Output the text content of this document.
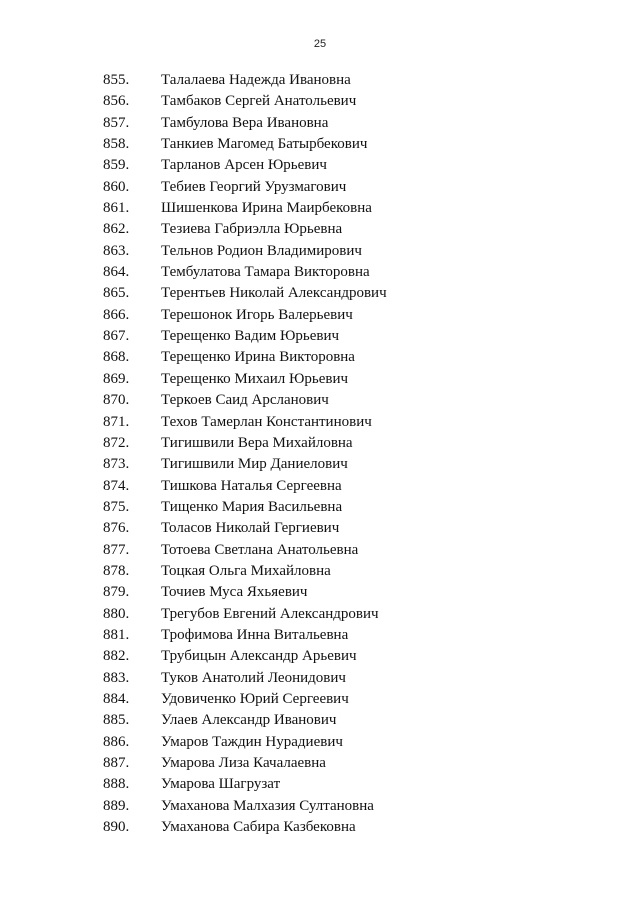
25
855.	Талалаева Надежда Ивановна
856.	Тамбаков Сергей Анатольевич
857.	Тамбулова Вера Ивановна
858.	Танкиев Магомед Батырбекович
859.	Тарланов Арсен Юрьевич
860.	Тебиев Георгий Урузмагович
861.	Шишенкова Ирина Маирбековна
862.	Тезиева Габриэлла Юрьевна
863.	Тельнов Родион Владимирович
864.	Тембулатова Тамара Викторовна
865.	Терентьев Николай Александрович
866.	Терешонок Игорь Валерьевич
867.	Терещенко Вадим Юрьевич
868.	Терещенко Ирина Викторовна
869.	Терещенко Михаил Юрьевич
870.	Теркоев Саид Арсланович
871.	Техов Тамерлан Константинович
872.	Тигишвили Вера Михайловна
873.	Тигишвили Мир Даниелович
874.	Тишкова Наталья Сергеевна
875.	Тищенко Мария Васильевна
876.	Толасов Николай Гергиевич
877.	Тотоева Светлана Анатольевна
878.	Тоцкая Ольга Михайловна
879.	Точиев Муса Яхьяевич
880.	Трегубов Евгений Александрович
881.	Трофимова Инна Витальевна
882.	Трубицын Александр Арьевич
883.	Туков Анатолий Леонидович
884.	Удовиченко Юрий Сергеевич
885.	Улаев Александр Иванович
886.	Умаров Таждин Нурадиевич
887.	Умарова Лиза Качалаевна
888.	Умарова Шагрузат
889.	Умаханова Малхазия Султановна
890.	Умаханова Сабира Казбековна
